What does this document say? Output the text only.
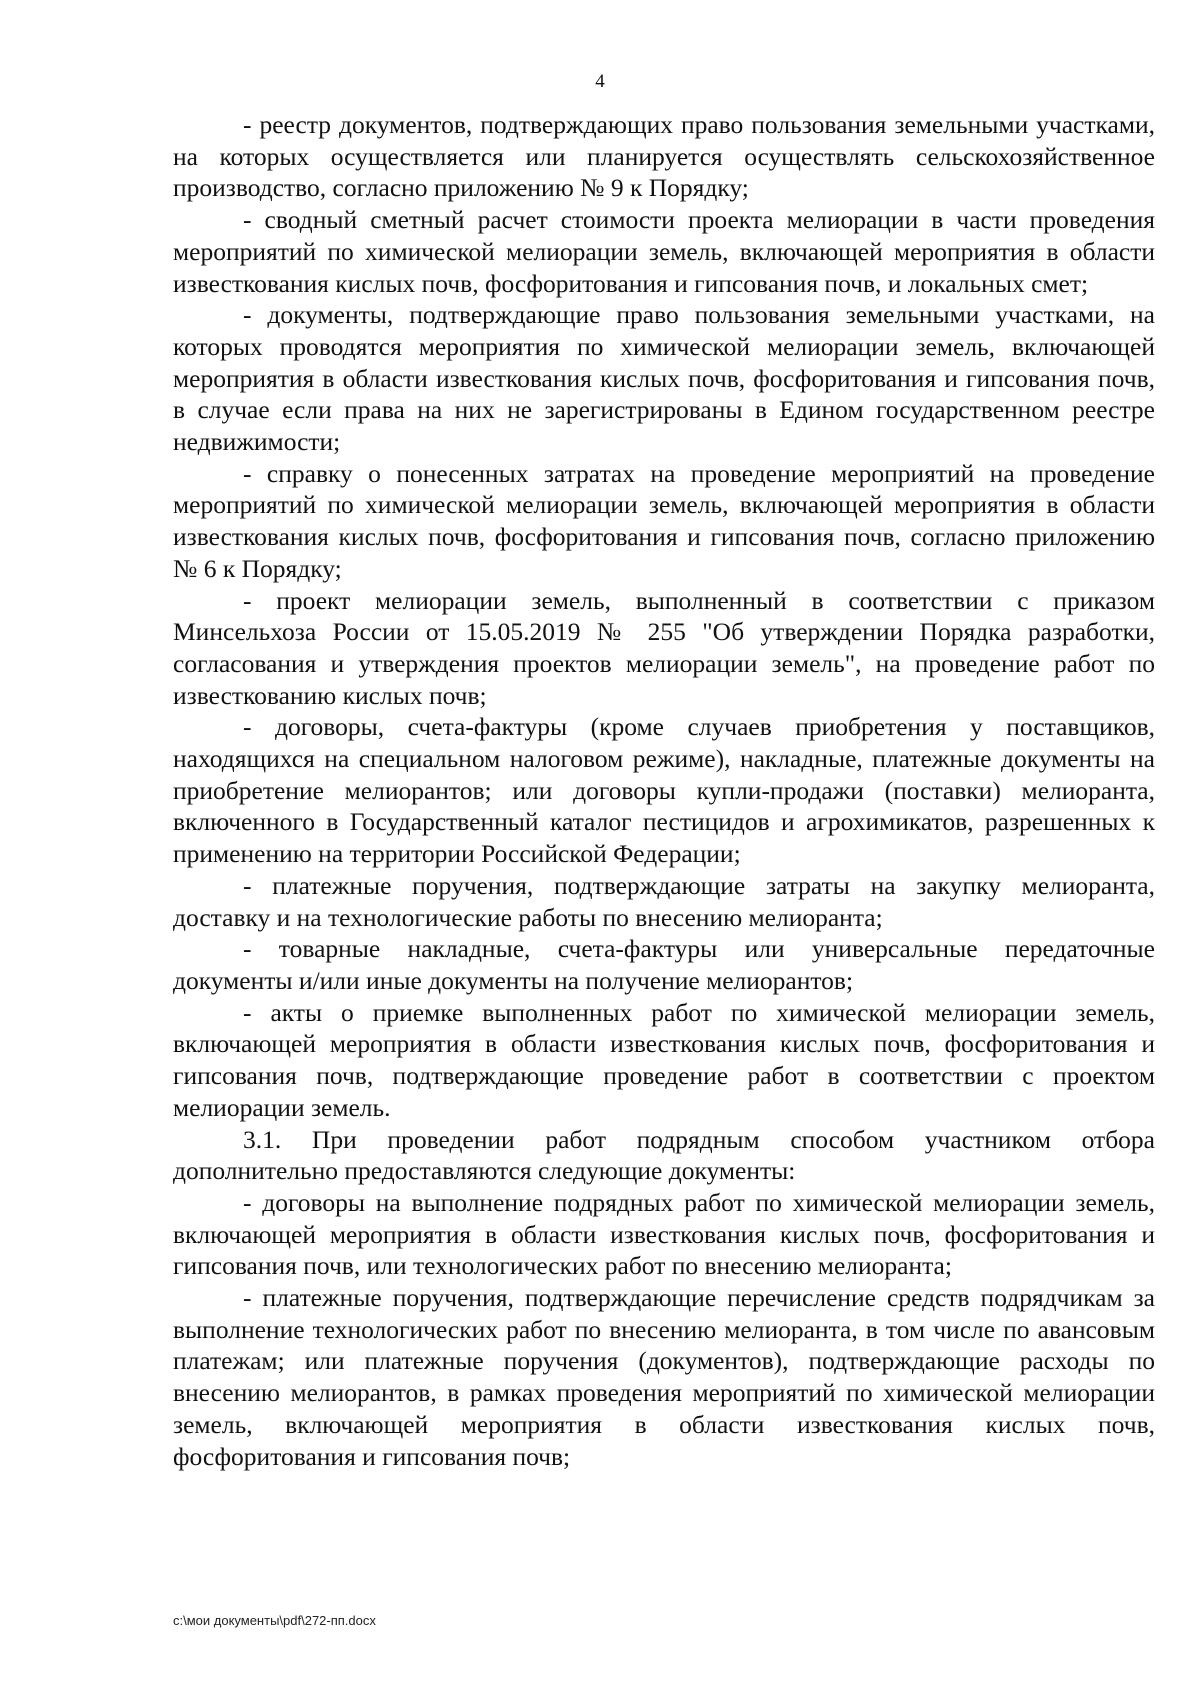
4

- реестр документов, подтверждающих право пользования земельными участками, на которых осуществляется или планируется осуществлять сельскохозяйственное производство, согласно приложению № 9 к Порядку;

- сводный сметный расчет стоимости проекта мелиорации в части проведения мероприятий по химической мелиорации земель, включающей мероприятия в области известкования кислых почв, фосфоритования и гипсования почв, и локальных смет;

- документы, подтверждающие право пользования земельными участками, на которых проводятся мероприятия по химической мелиорации земель, включающей мероприятия в области известкования кислых почв, фосфоритования и гипсования почв, в случае если права на них не зарегистрированы в Едином государственном реестре недвижимости;

- справку о понесенных затратах на проведение мероприятий на проведение мероприятий по химической мелиорации земель, включающей мероприятия в области известкования кислых почв, фосфоритования и гипсования почв, согласно приложению № 6 к Порядку;

- проект мелиорации земель, выполненный в соответствии с приказом Минсельхоза России от 15.05.2019 № 255 "Об утверждении Порядка разработки, согласования и утверждения проектов мелиорации земель", на проведение работ по известкованию кислых почв;

- договоры, счета-фактуры (кроме случаев приобретения у поставщиков, находящихся на специальном налоговом режиме), накладные, платежные документы на приобретение мелиорантов; или договоры купли-продажи (поставки) мелиоранта, включенного в Государственный каталог пестицидов и агрохимикатов, разрешенных к применению на территории Российской Федерации;

- платежные поручения, подтверждающие затраты на закупку мелиоранта, доставку и на технологические работы по внесению мелиоранта;

- товарные накладные, счета-фактуры или универсальные передаточные документы и/или иные документы на получение мелиорантов;

- акты о приемке выполненных работ по химической мелиорации земель, включающей мероприятия в области известкования кислых почв, фосфоритования и гипсования почв, подтверждающие проведение работ в соответствии с проектом мелиорации земель.

3.1. При проведении работ подрядным способом участником отбора дополнительно предоставляются следующие документы:

- договоры на выполнение подрядных работ по химической мелиорации земель, включающей мероприятия в области известкования кислых почв, фосфоритования и гипсования почв, или технологических работ по внесению мелиоранта;

- платежные поручения, подтверждающие перечисление средств подрядчикам за выполнение технологических работ по внесению мелиоранта, в том числе по авансовым платежам; или платежные поручения (документов), подтверждающие расходы по внесению мелиорантов, в рамках проведения мероприятий по химической мелиорации земель, включающей мероприятия в области известкования кислых почв, фосфоритования и гипсования почв;

c:\мои документы\pdf\272-пп.docx
